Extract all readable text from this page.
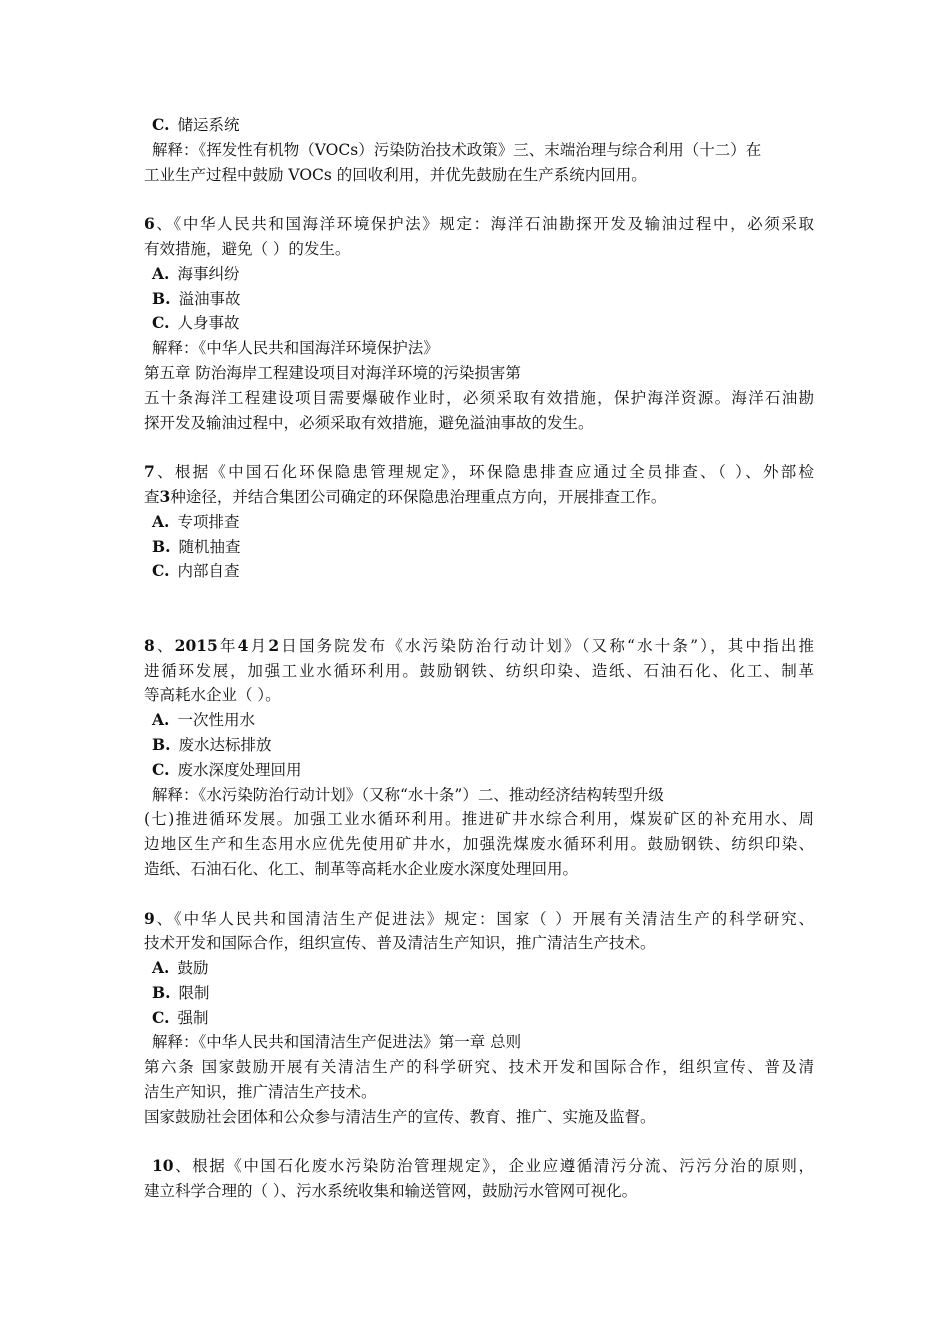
C. 储运系统
解释：《挥发性有机物（VOCs）污染防治技术政策》三、末端治理与综合利用（十二）在
工业生产过程中鼓励 VOCs 的回收利用，并优先鼓励在生产系统内回用。
6、《中华人民共和国海洋环境保护法》规定：海洋石油勘探开发及输油过程中，必须采取
有效措施，避免（ ）的发生。
A. 海事纠纷
B. 溢油事故
C. 人身事故
解释：《中华人民共和国海洋环境保护法》
第五章 防治海岸工程建设项目对海洋环境的污染损害第
五十条海洋工程建设项目需要爆破作业时，必须采取有效措施，保护海洋资源。海洋石油勘
探开发及输油过程中，必须采取有效措施，避免溢油事故的发生。
7、根据《中国石化环保隐患管理规定》，环保隐患排查应通过全员排查、（ ）、外部检
查3种途径，并结合集团公司确定的环保隐患治理重点方向，开展排查工作。
A. 专项排查
B. 随机抽查
C. 内部自查
8、2015年4月2日国务院发布《水污染防治行动计划》（又称“水十条”），其中指出推
进循环发展，加强工业水循环利用。鼓励钢铁、纺织印染、造纸、石油石化、化工、制革
等高耗水企业（ ）。
A. 一次性用水
B. 废水达标排放
C. 废水深度处理回用
解释：《水污染防治行动计划》（又称“水十条”）二、推动经济结构转型升级
(七)推进循环发展。加强工业水循环利用。推进矿井水综合利用，煤炭矿区的补充用水、周
边地区生产和生态用水应优先使用矿井水，加强洗煤废水循环利用。鼓励钢铁、纺织印染、
造纸、石油石化、化工、制革等高耗水企业废水深度处理回用。
9、《中华人民共和国清洁生产促进法》规定：国家（ ）开展有关清洁生产的科学研究、
技术开发和国际合作，组织宣传、普及清洁生产知识，推广清洁生产技术。
A. 鼓励
B. 限制
C. 强制
解释：《中华人民共和国清洁生产促进法》第一章 总则
第六条 国家鼓励开展有关清洁生产的科学研究、技术开发和国际合作，组织宣传、普及清
洁生产知识，推广清洁生产技术。
国家鼓励社会团体和公众参与清洁生产的宣传、教育、推广、实施及监督。
10、根据《中国石化废水污染防治管理规定》，企业应遵循清污分流、污污分治的原则，
建立科学合理的（ ）、污水系统收集和输送管网，鼓励污水管网可视化。
